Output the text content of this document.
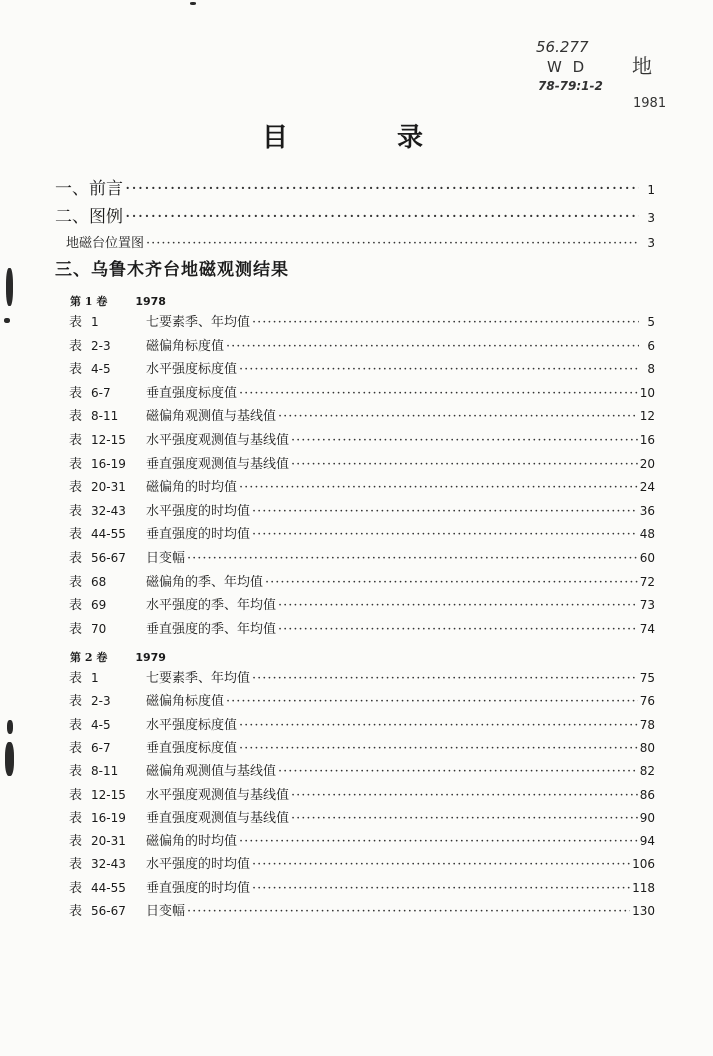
56.277
W D
78-79:1-2
地
1981
目	录
一、前言 ·····	1
二、图例 ·····	3
地磁台位置图 ·····	3
三、乌鲁木齐台地磁观测结果
第 1 卷	1978
表 1	七要素季、年均值 ·····	5
表 2-3	磁偏角标度值 ·····	6
表 4-5	水平强度标度值 ·····	8
表 6-7	垂直强度标度值 ·····	10
表 8-11	磁偏角观测值与基线值 ·····	12
表 12-15	水平强度观测值与基线值 ·····	16
表 16-19	垂直强度观测值与基线值 ·····	20
表 20-31	磁偏角的时均值 ·····	24
表 32-43	水平强度的时均值 ·····	36
表 44-55	垂直强度的时均值 ·····	48
表 56-67	日变幅 ·····	60
表 68	磁偏角的季、年均值 ·····	72
表 69	水平强度的季、年均值 ·····	73
表 70	垂直强度的季、年均值 ·····	74
第 2 卷	1979
表 1	七要素季、年均值 ·····	75
表 2-3	磁偏角标度值 ·····	76
表 4-5	水平强度标度值 ·····	78
表 6-7	垂直强度标度值 ·····	80
表 8-11	磁偏角观测值与基线值 ·····	82
表 12-15	水平强度观测值与基线值 ·····	86
表 16-19	垂直强度观测值与基线值 ·····	90
表 20-31	磁偏角的时均值 ·····	94
表 32-43	水平强度的时均值 ·····	106
表 44-55	垂直强度的时均值 ·····	118
表 56-67	日变幅 ·····	130
